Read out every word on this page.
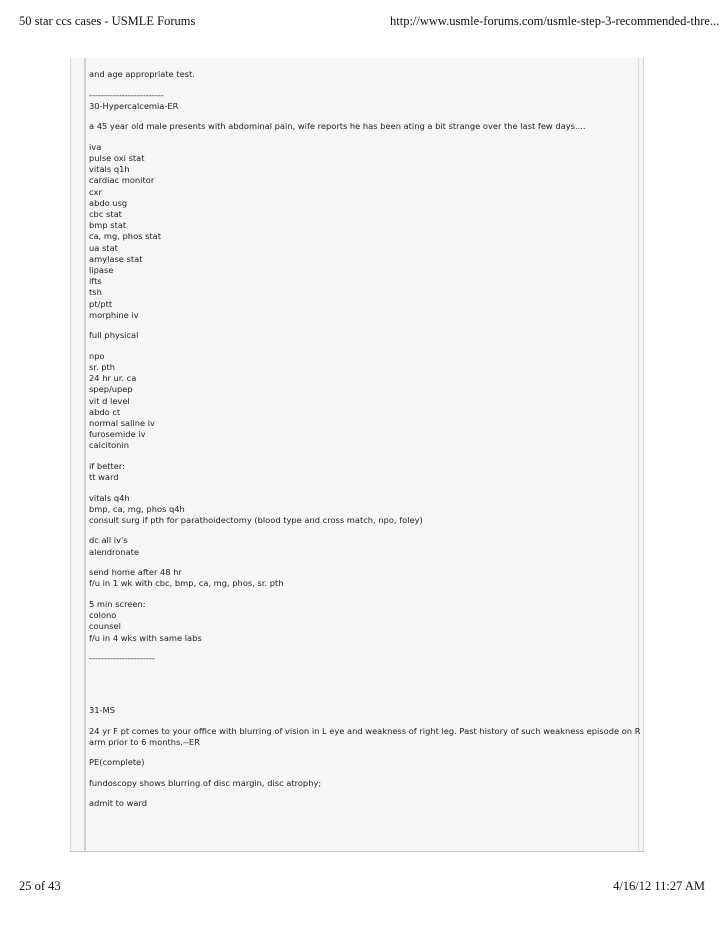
50 star ccs cases - USMLE Forums	http://www.usmle-forums.com/usmle-step-3-recommended-thre...
and age appropriate test.
-------------------------
30-Hypercalcemia-ER
a 45 year old male presents with abdominal pain, wife reports he has been ating a bit strange over the last few days....
iva
pulse oxi stat
vitals q1h
cardiac monitor
cxr
abdo usg
cbc stat
bmp stat
ca, mg, phos stat
ua stat
amylase stat
lipase
lfts
tsh
pt/ptt
morphine iv
full physical
npo
sr. pth
24 hr ur. ca
spep/upep
vit d level
abdo ct
normal saline iv
furosemide iv
calcitonin
if better:
tt ward
vitals q4h
bmp, ca, mg, phos q4h
consult surg if pth for parathoidectomy (blood type and cross match, npo, foley)
dc all iv's
alendronate
send home after 48 hr
f/u in 1 wk with cbc, bmp, ca, mg, phos, sr. pth
5 min screen:
colono
counsel
f/u in 4 wks with same labs
----------------------

31-MS
24 yr F pt comes to your office with blurring of vision in L eye and weakness of right leg. Past history of such weakness episode on R
arm prior to 6 months.--ER
PE(complete)
fundoscopy shows blurring of disc margin, disc atrophy;
admit to ward
25 of 43	4/16/12 11:27 AM
